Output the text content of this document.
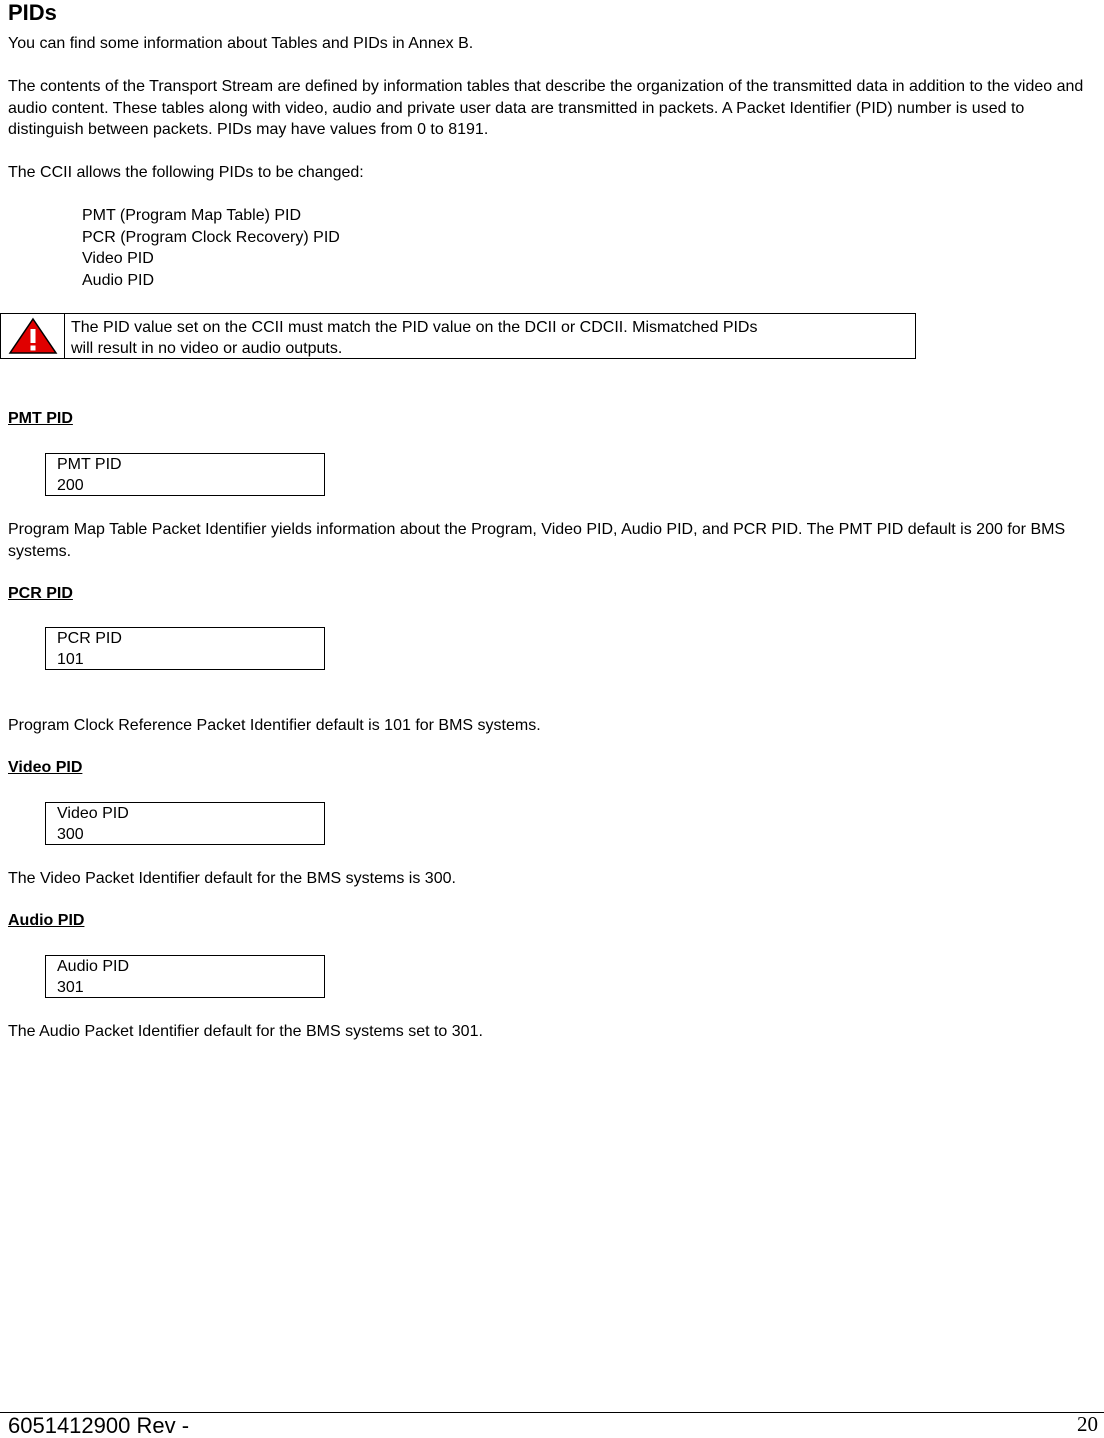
PIDs

You can find some information about Tables and PIDs in Annex B.

The contents of the Transport Stream are defined by information tables that describe the organization of the transmitted data in addition to the video and audio content. These tables along with video, audio and private user data are transmitted in packets. A Packet Identifier (PID) number is used to distinguish between packets. PIDs may have values from 0 to 8191.

The CCII allows the following PIDs to be changed:

PMT (Program Map Table) PID
PCR (Program Clock Recovery) PID
Video PID
Audio PID
The PID value set on the CCII must match the PID value on the DCII or CDCII. Mismatched PIDs
will result in no video or audio outputs.
PMT PID
PMT PID
200

Program Map Table Packet Identifier yields information about the Program, Video PID, Audio PID, and PCR PID. The PMT PID default is 200 for BMS systems.

PCR PID
PCR PID
101

Program Clock Reference Packet Identifier default is 101 for BMS systems.

Video PID
Video PID
300

The Video Packet Identifier default for the BMS systems is 300.

Audio PID
Audio PID
301

The Audio Packet Identifier default for the BMS systems set to 301.

6051412900 Rev -	20
